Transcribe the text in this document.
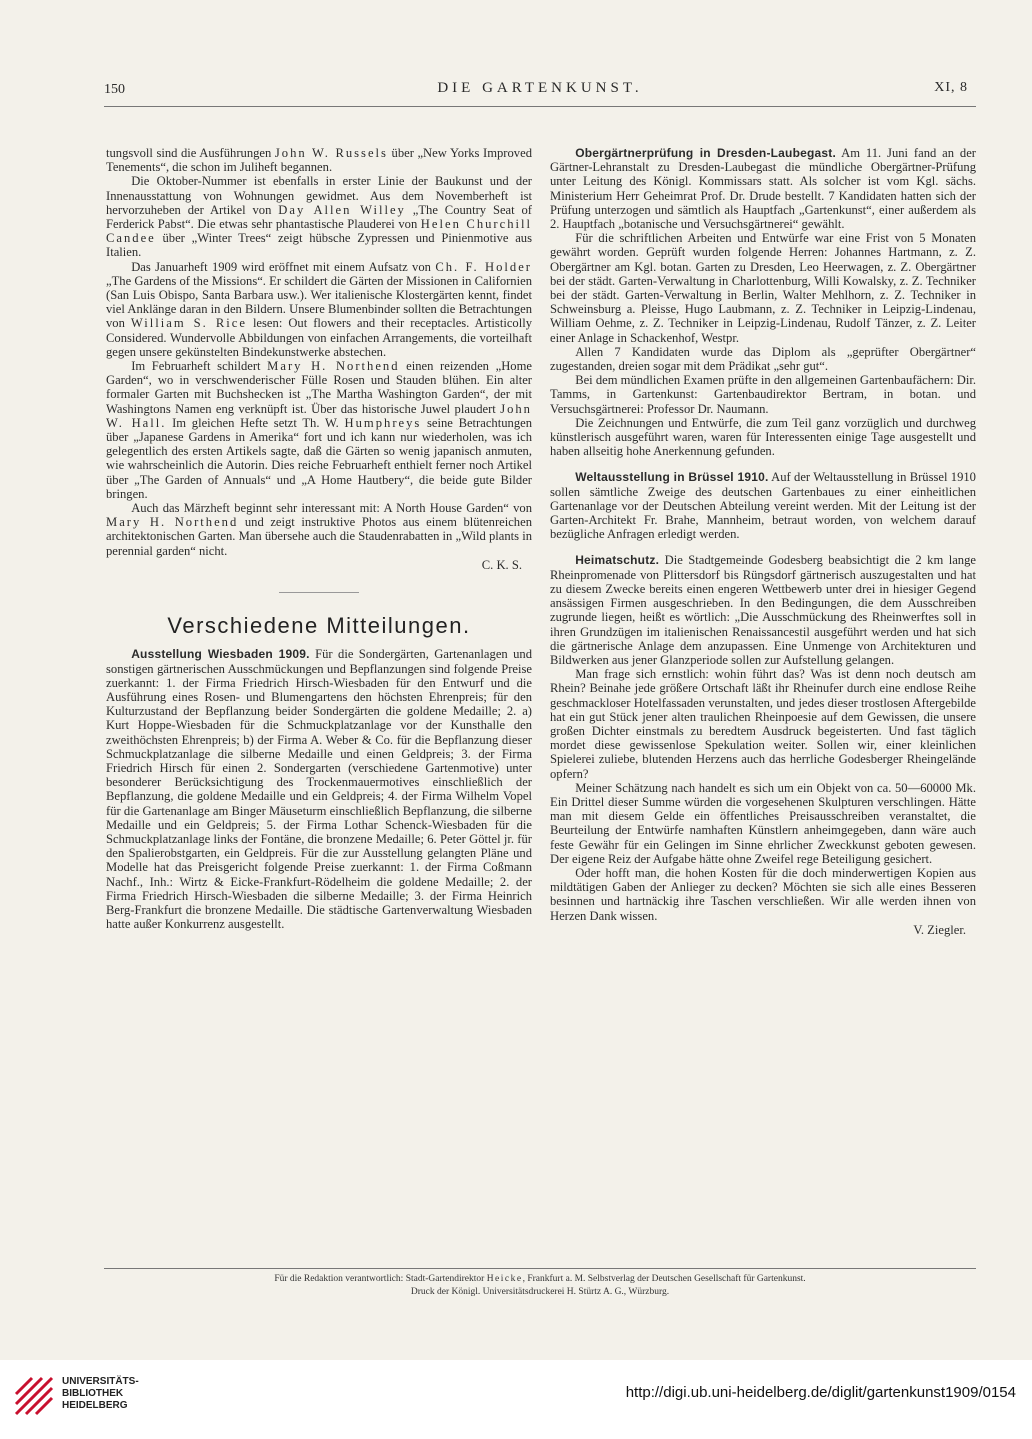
150	DIE GARTENKUNST.	XI, 8

tungsvoll sind die Ausführungen John W. Russels über „New Yorks Improved Tenements“, die schon im Juliheft begannen.

Die Oktober-Nummer ist ebenfalls in erster Linie der Baukunst und der Innenausstattung von Wohnungen gewidmet. Aus dem Novemberheft ist hervorzuheben der Artikel von Day Allen Willey „The Country Seat of Ferderick Pabst“. Die etwas sehr phantastische Plauderei von Helen Churchill Candee über „Winter Trees“ zeigt hübsche Zypressen und Pinienmotive aus Italien.

Das Januarheft 1909 wird eröffnet mit einem Aufsatz von Ch. F. Holder „The Gardens of the Missions“. Er schildert die Gärten der Missionen in Californien (San Luis Obispo, Santa Barbara usw.). Wer italienische Klostergärten kennt, findet viel Anklänge daran in den Bildern. Unsere Blumenbinder sollten die Betrachtungen von William S. Rice lesen: Out flowers and their receptacles. Artisticolly Considered. Wundervolle Abbildungen von einfachen Arrangements, die vorteilhaft gegen unsere gekünstelten Bindekunstwerke abstechen.

Im Februarheft schildert Mary H. Northend einen reizenden „Home Garden“, wo in verschwenderischer Fülle Rosen und Stauden blühen. Ein alter formaler Garten mit Buchshecken ist „The Martha Washington Garden“, der mit Washingtons Namen eng verknüpft ist. Über das historische Juwel plaudert John W. Hall. Im gleichen Hefte setzt Th. W. Humphreys seine Betrachtungen über „Japanese Gardens in Amerika“ fort und ich kann nur wiederholen, was ich gelegentlich des ersten Artikels sagte, daß die Gärten so wenig japanisch anmuten, wie wahrscheinlich die Autorin. Dies reiche Februarheft enthielt ferner noch Artikel über „The Garden of Annuals“ und „A Home Hautbery“, die beide gute Bilder bringen.

Auch das Märzheft beginnt sehr interessant mit: A North House Garden“ von Mary H. Northend und zeigt instruktive Photos aus einem blütenreichen architektonischen Garten. Man übersehe auch die Staudenrabatten in „Wild plants in perennial garden“ nicht.
C. K. S.

Verschiedene Mitteilungen.

Ausstellung Wiesbaden 1909. Für die Sondergärten, Gartenanlagen und sonstigen gärtnerischen Ausschmückungen und Bepflanzungen sind folgende Preise zuerkannt: 1. der Firma Friedrich Hirsch-Wiesbaden für den Entwurf und die Ausführung eines Rosen- und Blumengartens den höchsten Ehrenpreis; für den Kulturzustand der Bepflanzung beider Sondergärten die goldene Medaille; 2. a) Kurt Hoppe-Wiesbaden für die Schmuckplatzanlage vor der Kunsthalle den zweithöchsten Ehrenpreis; b) der Firma A. Weber & Co. für die Bepflanzung dieser Schmuckplatzanlage die silberne Medaille und einen Geldpreis; 3. der Firma Friedrich Hirsch für einen 2. Sondergarten (verschiedene Gartenmotive) unter besonderer Berücksichtigung des Trockenmauermotives einschließlich der Bepflanzung, die goldene Medaille und ein Geldpreis; 4. der Firma Wilhelm Vopel für die Gartenanlage am Binger Mäuseturm einschließlich Bepflanzung, die silberne Medaille und ein Geldpreis; 5. der Firma Lothar Schenck-Wiesbaden für die Schmuckplatzanlage links der Fontäne, die bronzene Medaille; 6. Peter Göttel jr. für den Spalierobstgarten, ein Geldpreis. Für die zur Ausstellung gelangten Pläne und Modelle hat das Preisgericht folgende Preise zuerkannt: 1. der Firma Coßmann Nachf., Inh.: Wirtz & Eicke-Frankfurt-Rödelheim die goldene Medaille; 2. der Firma Friedrich Hirsch-Wiesbaden die silberne Medaille; 3. der Firma Heinrich Berg-Frankfurt die bronzene Medaille. Die städtische Gartenverwaltung Wiesbaden hatte außer Konkurrenz ausgestellt.

Obergärtnerprüfung in Dresden-Laubegast. Am 11. Juni fand an der Gärtner-Lehranstalt zu Dresden-Laubegast die mündliche Obergärtner-Prüfung unter Leitung des Königl. Kommissars statt. Als solcher ist vom Kgl. sächs. Ministerium Herr Geheimrat Prof. Dr. Drude bestellt. 7 Kandidaten hatten sich der Prüfung unterzogen und sämtlich als Hauptfach „Gartenkunst“, einer außerdem als 2. Hauptfach „botanische und Versuchsgärtnerei“ gewählt.

Für die schriftlichen Arbeiten und Entwürfe war eine Frist von 5 Monaten gewährt worden. Geprüft wurden folgende Herren: Johannes Hartmann, z. Z. Obergärtner am Kgl. botan. Garten zu Dresden, Leo Heerwagen, z. Z. Obergärtner bei der städt. Garten-Verwaltung in Charlottenburg, Willi Kowalsky, z. Z. Techniker bei der städt. Garten-Verwaltung in Berlin, Walter Mehlhorn, z. Z. Techniker in Schweinsburg a. Pleisse, Hugo Laubmann, z. Z. Techniker in Leipzig-Lindenau, William Oehme, z. Z. Techniker in Leipzig-Lindenau, Rudolf Tänzer, z. Z. Leiter einer Anlage in Schackenhof, Westpr.

Allen 7 Kandidaten wurde das Diplom als „geprüfter Obergärtner“ zugestanden, dreien sogar mit dem Prädikat „sehr gut“.

Bei dem mündlichen Examen prüfte in den allgemeinen Gartenbaufächern: Dir. Tamms, in Gartenkunst: Gartenbaudirektor Bertram, in botan. und Versuchsgärtnerei: Professor Dr. Naumann.

Die Zeichnungen und Entwürfe, die zum Teil ganz vorzüglich und durchweg künstlerisch ausgeführt waren, waren für Interessenten einige Tage ausgestellt und haben allseitig hohe Anerkennung gefunden.

Weltausstellung in Brüssel 1910. Auf der Weltausstellung in Brüssel 1910 sollen sämtliche Zweige des deutschen Gartenbaues zu einer einheitlichen Gartenanlage vor der Deutschen Abteilung vereint werden. Mit der Leitung ist der Garten-Architekt Fr. Brahe, Mannheim, betraut worden, von welchem darauf bezügliche Anfragen erledigt werden.

Heimatschutz. Die Stadtgemeinde Godesberg beabsichtigt die 2 km lange Rheinpromenade von Plittersdorf bis Rüngsdorf gärtnerisch auszugestalten und hat zu diesem Zwecke bereits einen engeren Wettbewerb unter drei in hiesiger Gegend ansässigen Firmen ausgeschrieben. In den Bedingungen, die dem Ausschreiben zugrunde liegen, heißt es wörtlich: „Die Ausschmückung des Rheinwerftes soll in ihren Grundzügen im italienischen Renaissancestil ausgeführt werden und hat sich die gärtnerische Anlage dem anzupassen. Eine Unmenge von Architekturen und Bildwerken aus jener Glanzperiode sollen zur Aufstellung gelangen.

Man frage sich ernstlich: wohin führt das? Was ist denn noch deutsch am Rhein? Beinahe jede größere Ortschaft läßt ihr Rheinufer durch eine endlose Reihe geschmackloser Hotelfassaden verunstalten, und jedes dieser trostlosen Aftergebilde hat ein gut Stück jener alten traulichen Rheinpoesie auf dem Gewissen, die unsere großen Dichter einstmals zu beredtem Ausdruck begeisterten. Und fast täglich mordet diese gewissenlose Spekulation weiter. Sollen wir, einer kleinlichen Spielerei zuliebe, blutenden Herzens auch das herrliche Godesberger Rheingelände opfern?

Meiner Schätzung nach handelt es sich um ein Objekt von ca. 50—60000 Mk. Ein Drittel dieser Summe würden die vorgesehenen Skulpturen verschlingen. Hätte man mit diesem Gelde ein öffentliches Preisausschreiben veranstaltet, die Beurteilung der Entwürfe namhaften Künstlern anheimgegeben, dann wäre auch feste Gewähr für ein Gelingen im Sinne ehrlicher Zweckkunst geboten gewesen. Der eigene Reiz der Aufgabe hätte ohne Zweifel rege Beteiligung gesichert.

Oder hofft man, die hohen Kosten für die doch minderwertigen Kopien aus mildtätigen Gaben der Anlieger zu decken? Möchten sie sich alle eines Besseren besinnen und hartnäckig ihre Taschen verschließen. Wir alle werden ihnen von Herzen Dank wissen.
V. Ziegler.

Für die Redaktion verantwortlich: Stadt-Gartendirektor Heicke, Frankfurt a. M. Selbstverlag der Deutschen Gesellschaft für Gartenkunst.
Druck der Königl. Universitätsdruckerei H. Stürtz A. G., Würzburg.
UNIVERSITÄTS-
BIBLIOTHEK
HEIDELBERG
http://digi.ub.uni-heidelberg.de/diglit/gartenkunst1909/0154
